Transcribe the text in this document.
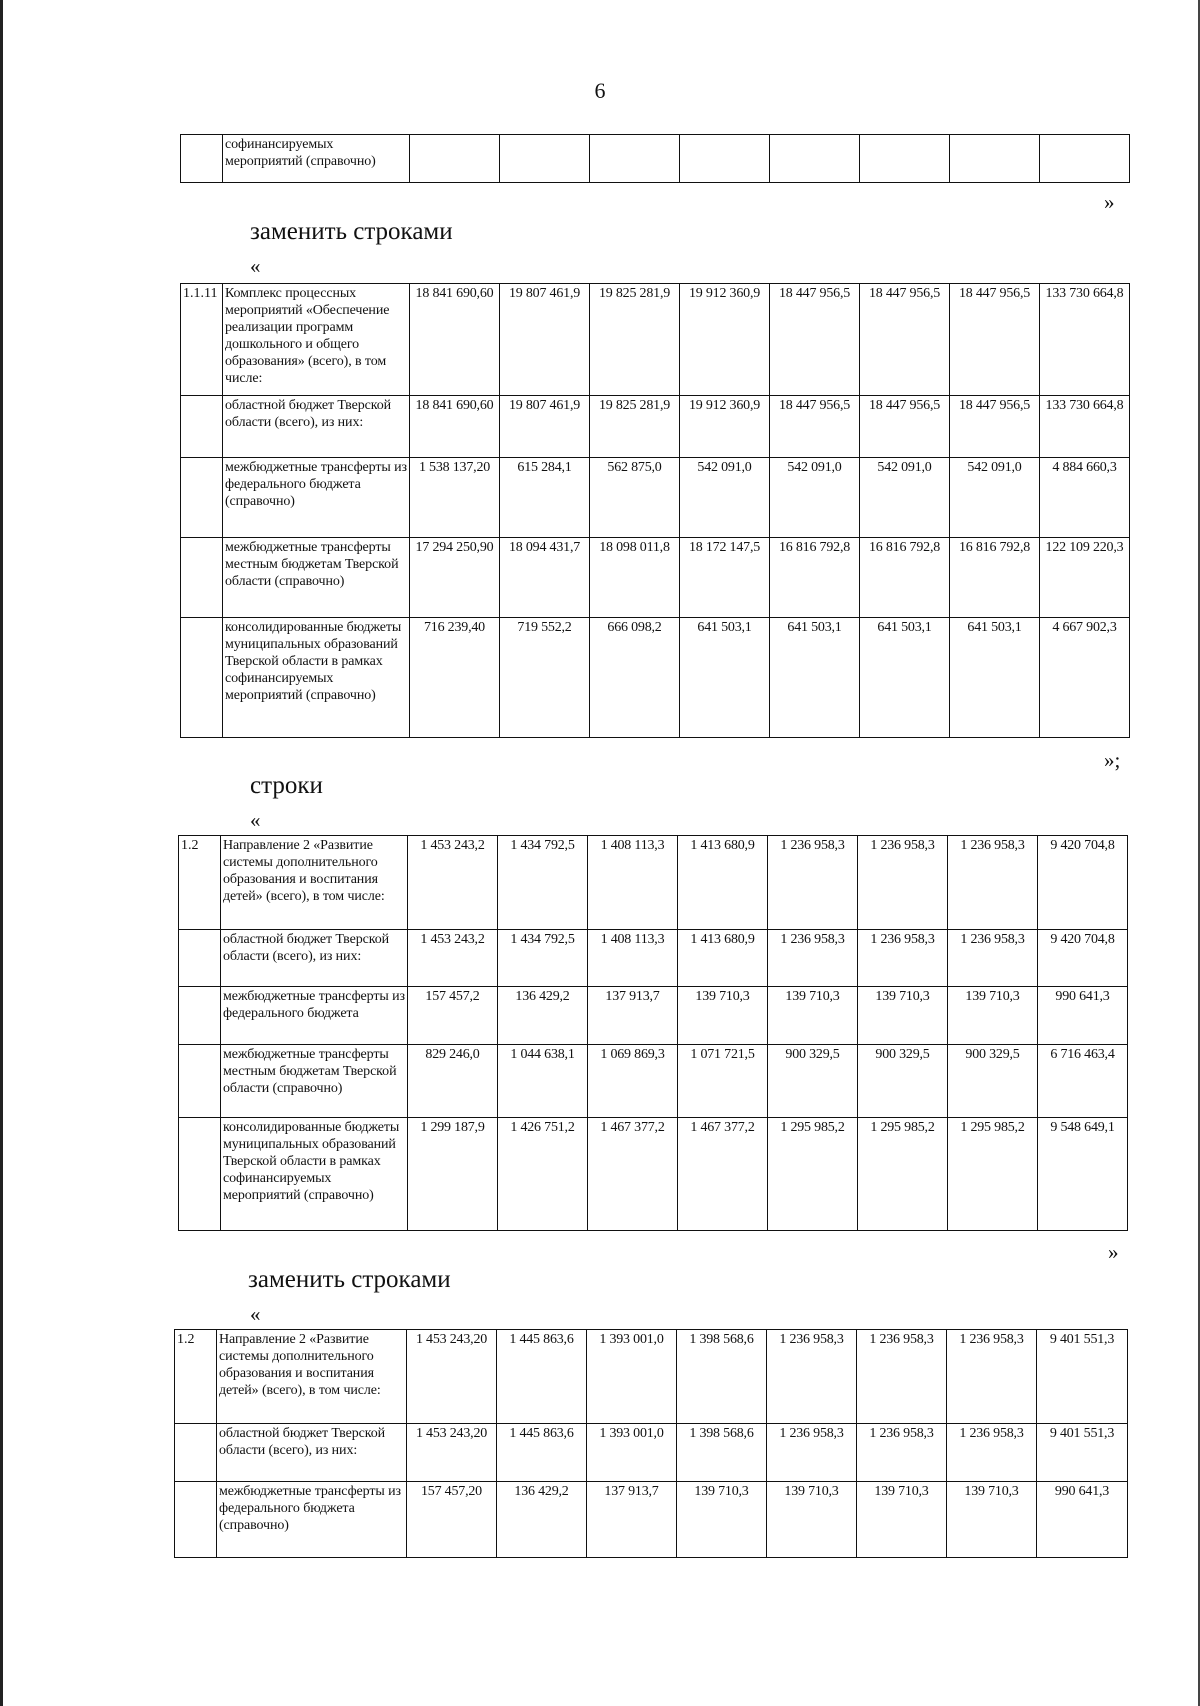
6
	софинансируемых мероприятий (справочно)								
»
заменить строками
«
1.1.11	Комплекс процессных мероприятий «Обеспечение реализации программ дошкольного и общего образования» (всего), в том числе:	18 841 690,60	19 807 461,9	19 825 281,9	19 912 360,9	18 447 956,5	18 447 956,5	18 447 956,5	133 730 664,8
	областной бюджет Тверской области (всего), из них:	18 841 690,60	19 807 461,9	19 825 281,9	19 912 360,9	18 447 956,5	18 447 956,5	18 447 956,5	133 730 664,8
	межбюджетные трансферты из федерального бюджета (справочно)	1 538 137,20	615 284,1	562 875,0	542 091,0	542 091,0	542 091,0	542 091,0	4 884 660,3
	межбюджетные трансферты местным бюджетам Тверской области (справочно)	17 294 250,90	18 094 431,7	18 098 011,8	18 172 147,5	16 816 792,8	16 816 792,8	16 816 792,8	122 109 220,3
	консолидированные бюджеты муниципальных образований Тверской области в рамках софинансируемых мероприятий (справочно)	716 239,40	719 552,2	666 098,2	641 503,1	641 503,1	641 503,1	641 503,1	4 667 902,3
»;
строки
«
1.2	Направление 2 «Развитие системы дополнительного образования и воспитания детей» (всего), в том числе:	1 453 243,2	1 434 792,5	1 408 113,3	1 413 680,9	1 236 958,3	1 236 958,3	1 236 958,3	9 420 704,8
	областной бюджет Тверской области (всего), из них:	1 453 243,2	1 434 792,5	1 408 113,3	1 413 680,9	1 236 958,3	1 236 958,3	1 236 958,3	9 420 704,8
	межбюджетные трансферты из федерального бюджета	157 457,2	136 429,2	137 913,7	139 710,3	139 710,3	139 710,3	139 710,3	990 641,3
	межбюджетные трансферты местным бюджетам Тверской области (справочно)	829 246,0	1 044 638,1	1 069 869,3	1 071 721,5	900 329,5	900 329,5	900 329,5	6 716 463,4
	консолидированные бюджеты муниципальных образований Тверской области в рамках софинансируемых мероприятий (справочно)	1 299 187,9	1 426 751,2	1 467 377,2	1 467 377,2	1 295 985,2	1 295 985,2	1 295 985,2	9 548 649,1
»
заменить строками
«
1.2	Направление 2 «Развитие системы дополнительного образования и воспитания детей» (всего), в том числе:	1 453 243,20	1 445 863,6	1 393 001,0	1 398 568,6	1 236 958,3	1 236 958,3	1 236 958,3	9 401 551,3
	областной бюджет Тверской области (всего), из них:	1 453 243,20	1 445 863,6	1 393 001,0	1 398 568,6	1 236 958,3	1 236 958,3	1 236 958,3	9 401 551,3
	межбюджетные трансферты из федерального бюджета (справочно)	157 457,20	136 429,2	137 913,7	139 710,3	139 710,3	139 710,3	139 710,3	990 641,3
